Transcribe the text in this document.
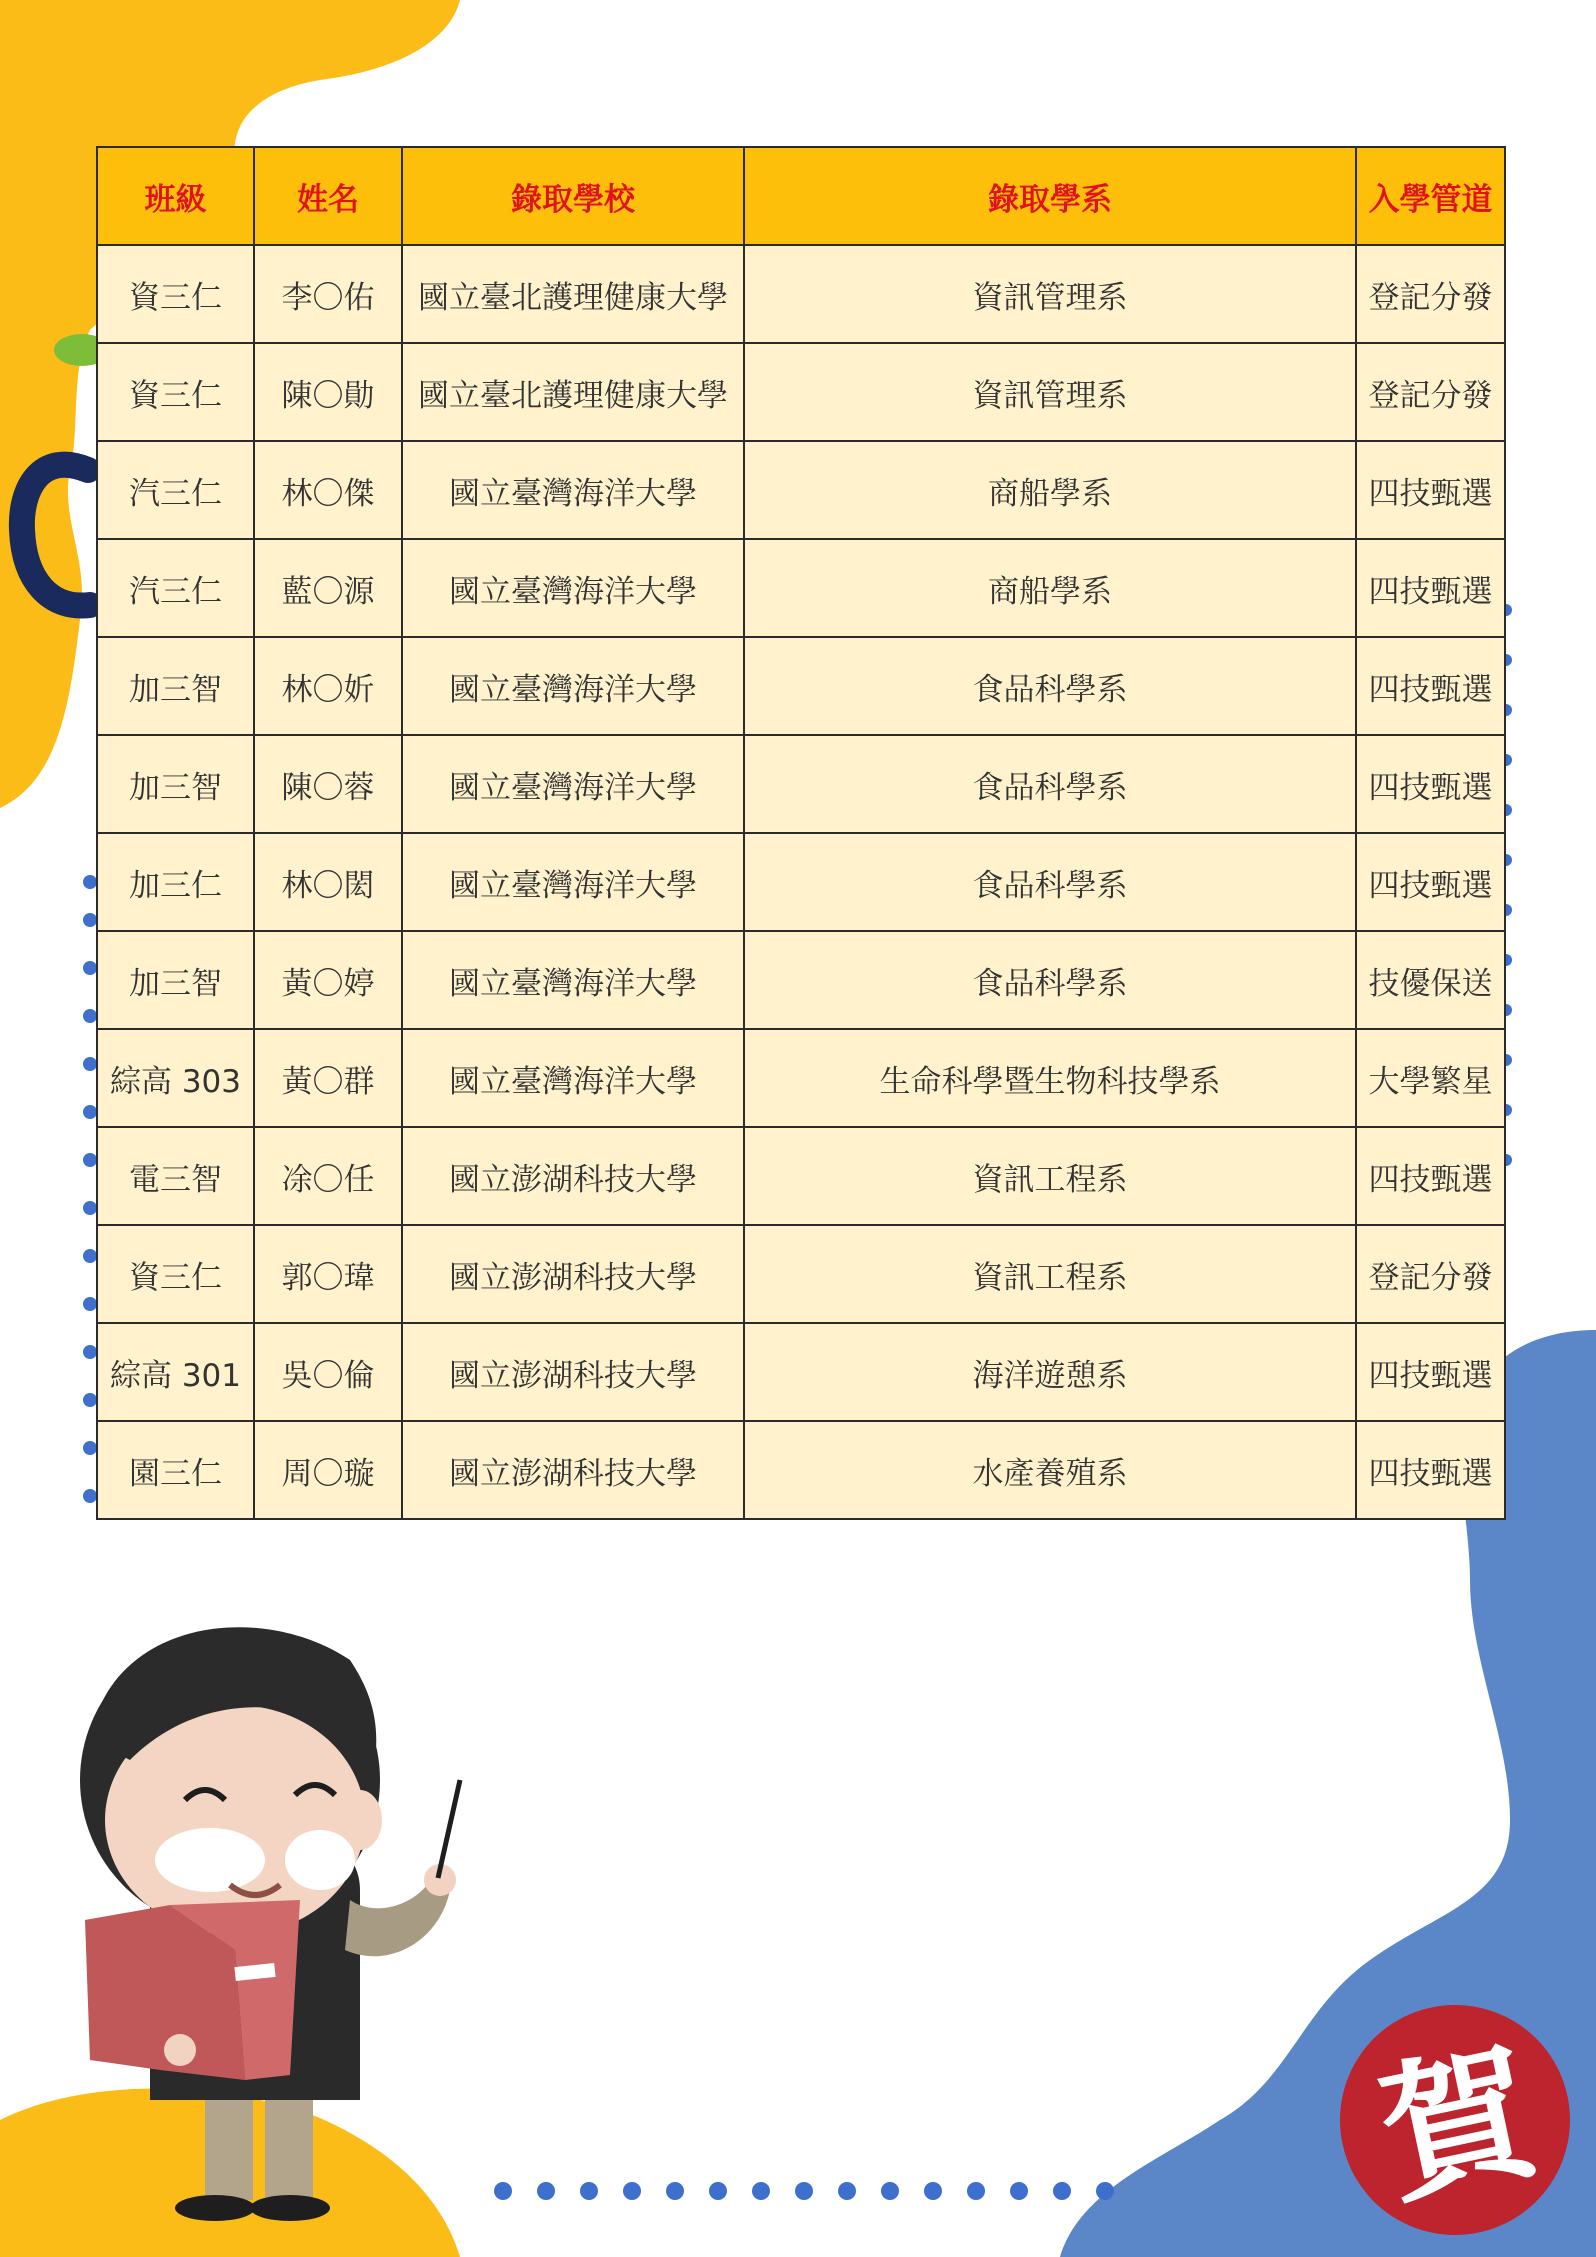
賀
班級	姓名	錄取學校	錄取學系	入學管道
資三仁	李〇佑	國立臺北護理健康大學	資訊管理系	登記分發
資三仁	陳〇勛	國立臺北護理健康大學	資訊管理系	登記分發
汽三仁	林〇傑	國立臺灣海洋大學	商船學系	四技甄選
汽三仁	藍〇源	國立臺灣海洋大學	商船學系	四技甄選
加三智	林〇妡	國立臺灣海洋大學	食品科學系	四技甄選
加三智	陳〇蓉	國立臺灣海洋大學	食品科學系	四技甄選
加三仁	林〇閎	國立臺灣海洋大學	食品科學系	四技甄選
加三智	黃〇婷	國立臺灣海洋大學	食品科學系	技優保送
綜高 303	黃〇群	國立臺灣海洋大學	生命科學暨生物科技學系	大學繁星
電三智	凃〇任	國立澎湖科技大學	資訊工程系	四技甄選
資三仁	郭〇瑋	國立澎湖科技大學	資訊工程系	登記分發
綜高 301	吳〇倫	國立澎湖科技大學	海洋遊憩系	四技甄選
園三仁	周〇璇	國立澎湖科技大學	水產養殖系	四技甄選
